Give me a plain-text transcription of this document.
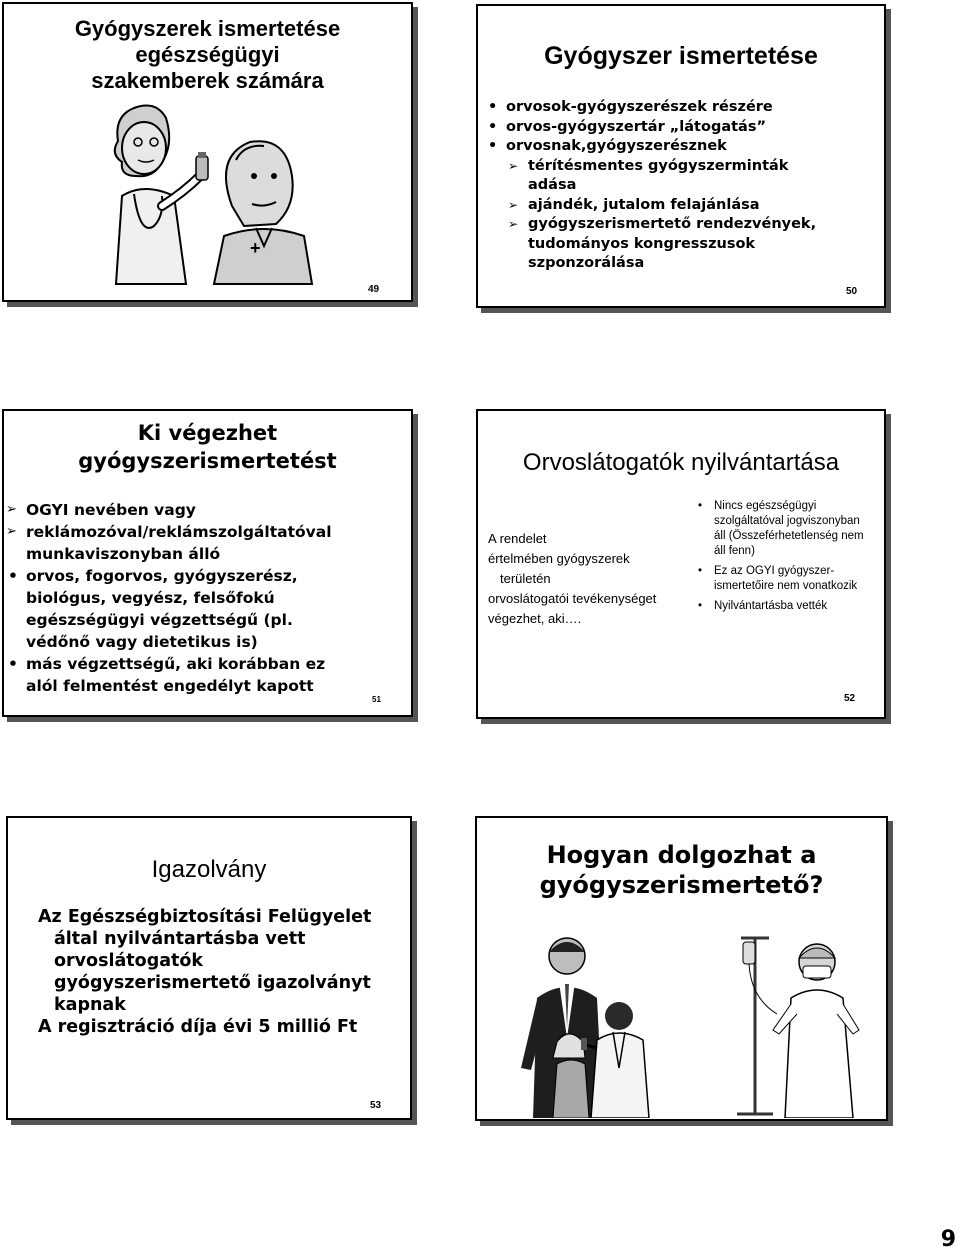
Gyógyszerek ismertetése
egészségügyi
szakemberek számára
+
49
Gyógyszer ismertetése
• orvosok-gyógyszerészek részére
• orvos-gyógyszertár „látogatás”
• orvosnak,gyógyszerésznek
➢ térítésmentes gyógyszerminták
adása
➢ ajándék, jutalom felajánlása
➢ gyógyszerismertető rendezvények,
tudományos kongresszusok
szponzorálása
50
Ki végezhet
gyógyszerismertetést
➢ OGYI nevében vagy
➢ reklámozóval/reklámszolgáltatóval
munkaviszonyban álló
• orvos, fogorvos, gyógyszerész,
biológus, vegyész, felsőfokú
egészségügyi végzettségű (pl.
védőnő vagy dietetikus is)
• más végzettségű, aki korábban ez
alól felmentést engedélyt kapott
51
Orvoslátogatók nyilvántartása
A rendelet
értelmében gyógyszerek
területén
orvoslátogatói tevékenységet
végezhet, aki….
• Nincs egészségügyi
szolgáltatóval jogviszonyban
áll (Összeférhetetlenség nem
áll fenn)
• Ez az OGYI gyógyszer-
ismertetőire nem vonatkozik
• Nyilvántartásba vették
52
Igazolvány
Az Egészségbiztosítási Felügyelet
által nyilvántartásba vett
orvoslátogatók
gyógyszerismertető igazolványt
kapnak
A regisztráció díja évi 5 millió Ft
53
Hogyan dolgozhat a
gyógyszerismertető?
9
